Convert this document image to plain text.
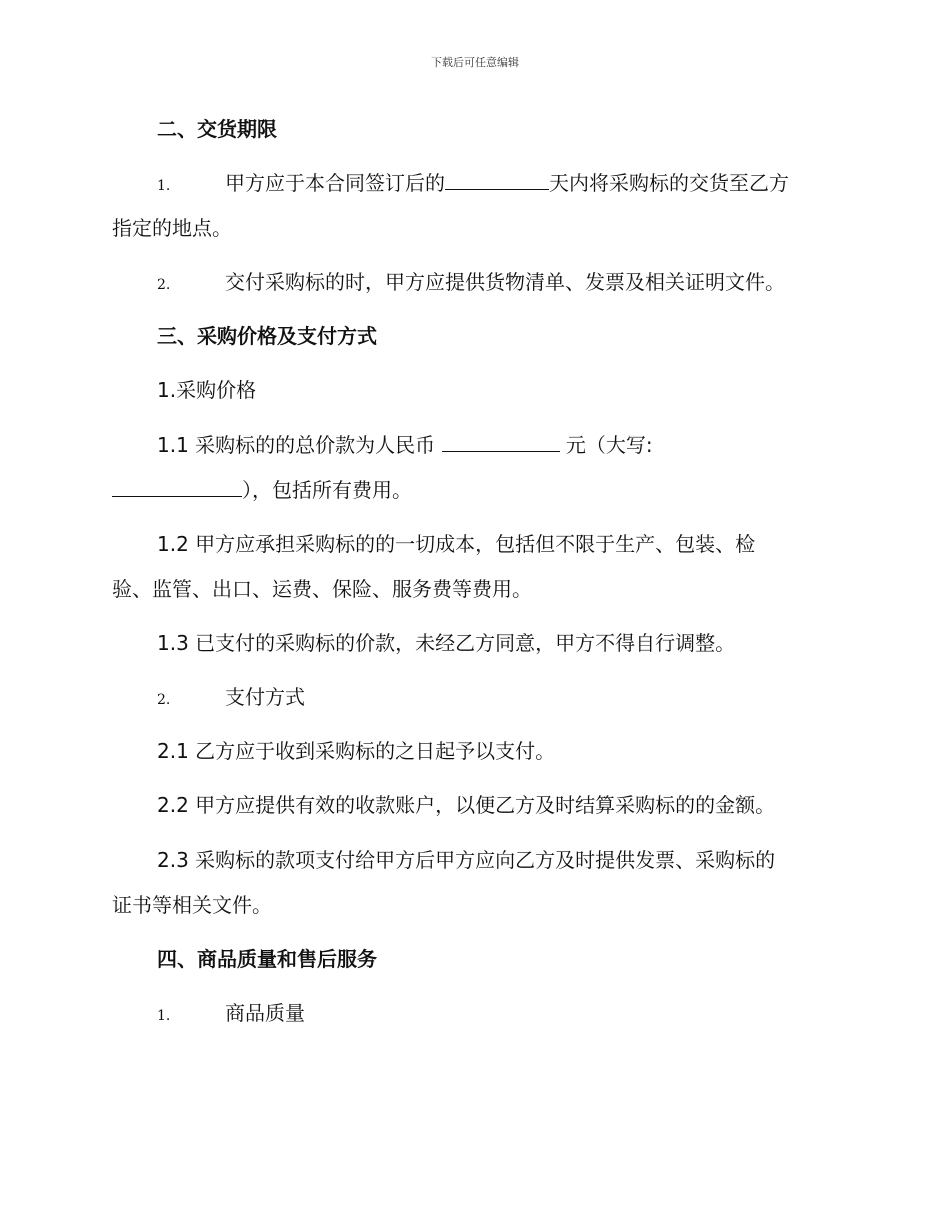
下载后可任意编辑
二、交货期限
1.	甲方应于本合同签订后的	天内将采购标的交货至乙方
指定的地点。
2.	交付采购标的时，甲方应提供货物清单、发票及相关证明文件。
三、采购价格及支付方式
1.采购价格
1.1 采购标的的总价款为人民币	元（大写:
），包括所有费用。
1.2 甲方应承担采购标的的一切成本，包括但不限于生产、包装、检
验、监管、出口、运费、保险、服务费等费用。
1.3 已支付的采购标的价款，未经乙方同意，甲方不得自行调整。
2.	支付方式
2.1 乙方应于收到采购标的之日起予以支付。
2.2 甲方应提供有效的收款账户，以便乙方及时结算采购标的的金额。
2.3 采购标的款项支付给甲方后甲方应向乙方及时提供发票、采购标的
证书等相关文件。
四、商品质量和售后服务
1.	商品质量
